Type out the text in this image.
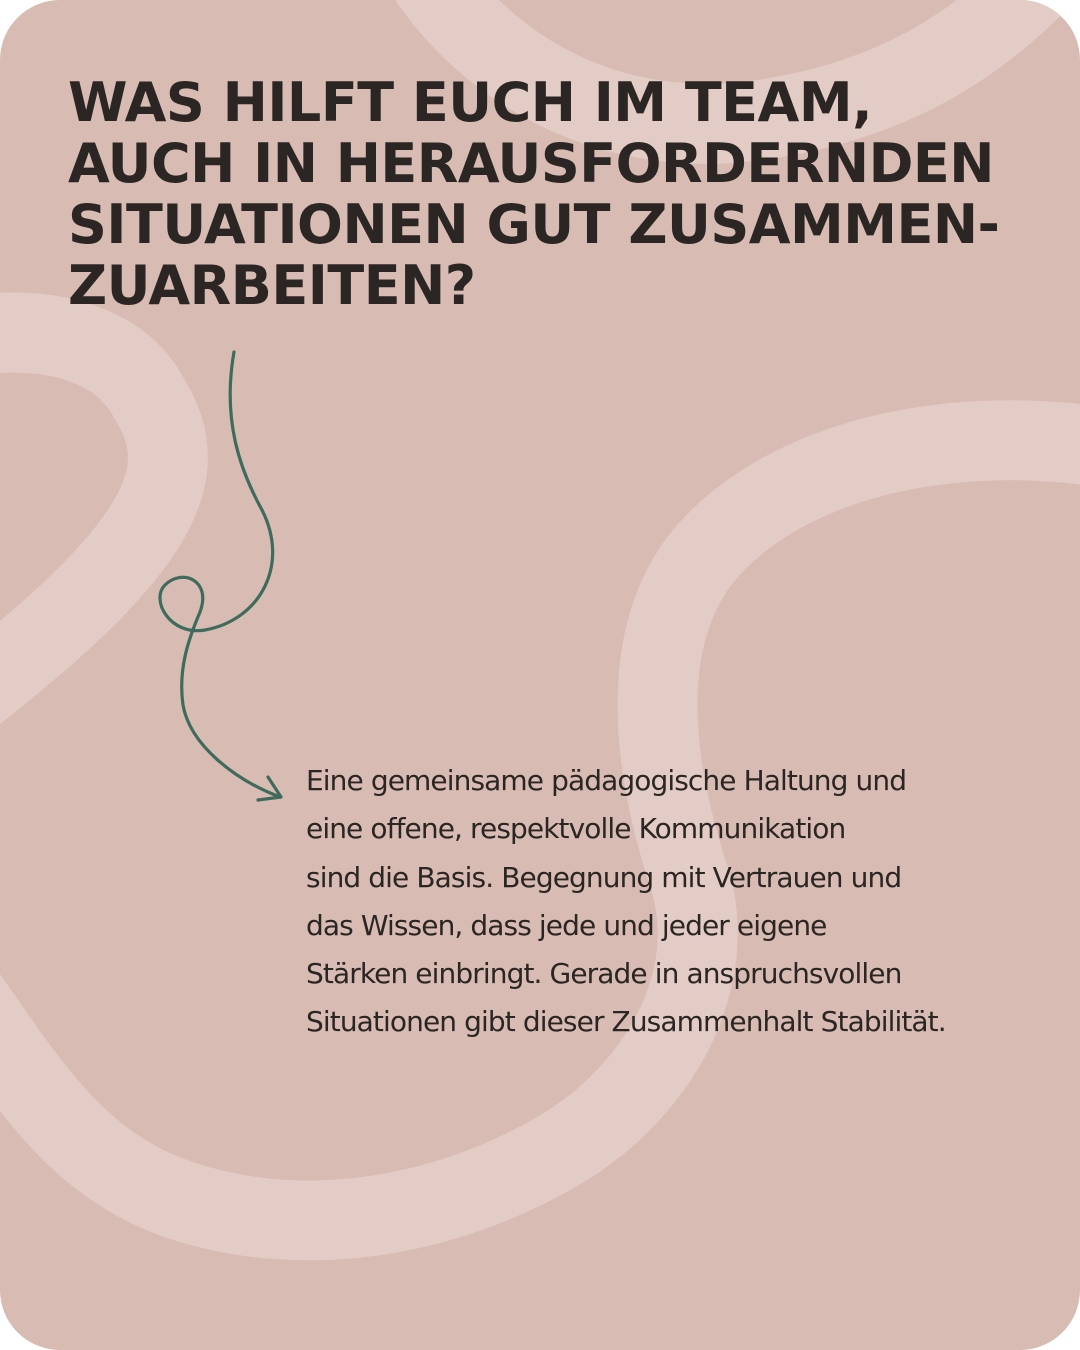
WAS HILFT EUCH IM TEAM,
AUCH IN HERAUSFORDERNDEN
SITUATIONEN GUT ZUSAMMEN-
ZUARBEITEN?
Eine gemeinsame pädagogische Haltung und
eine offene, respektvolle Kommunikation
sind die Basis. Begegnung mit Vertrauen und
das Wissen, dass jede und jeder eigene
Stärken einbringt. Gerade in anspruchsvollen
Situationen gibt dieser Zusammenhalt Stabilität.
